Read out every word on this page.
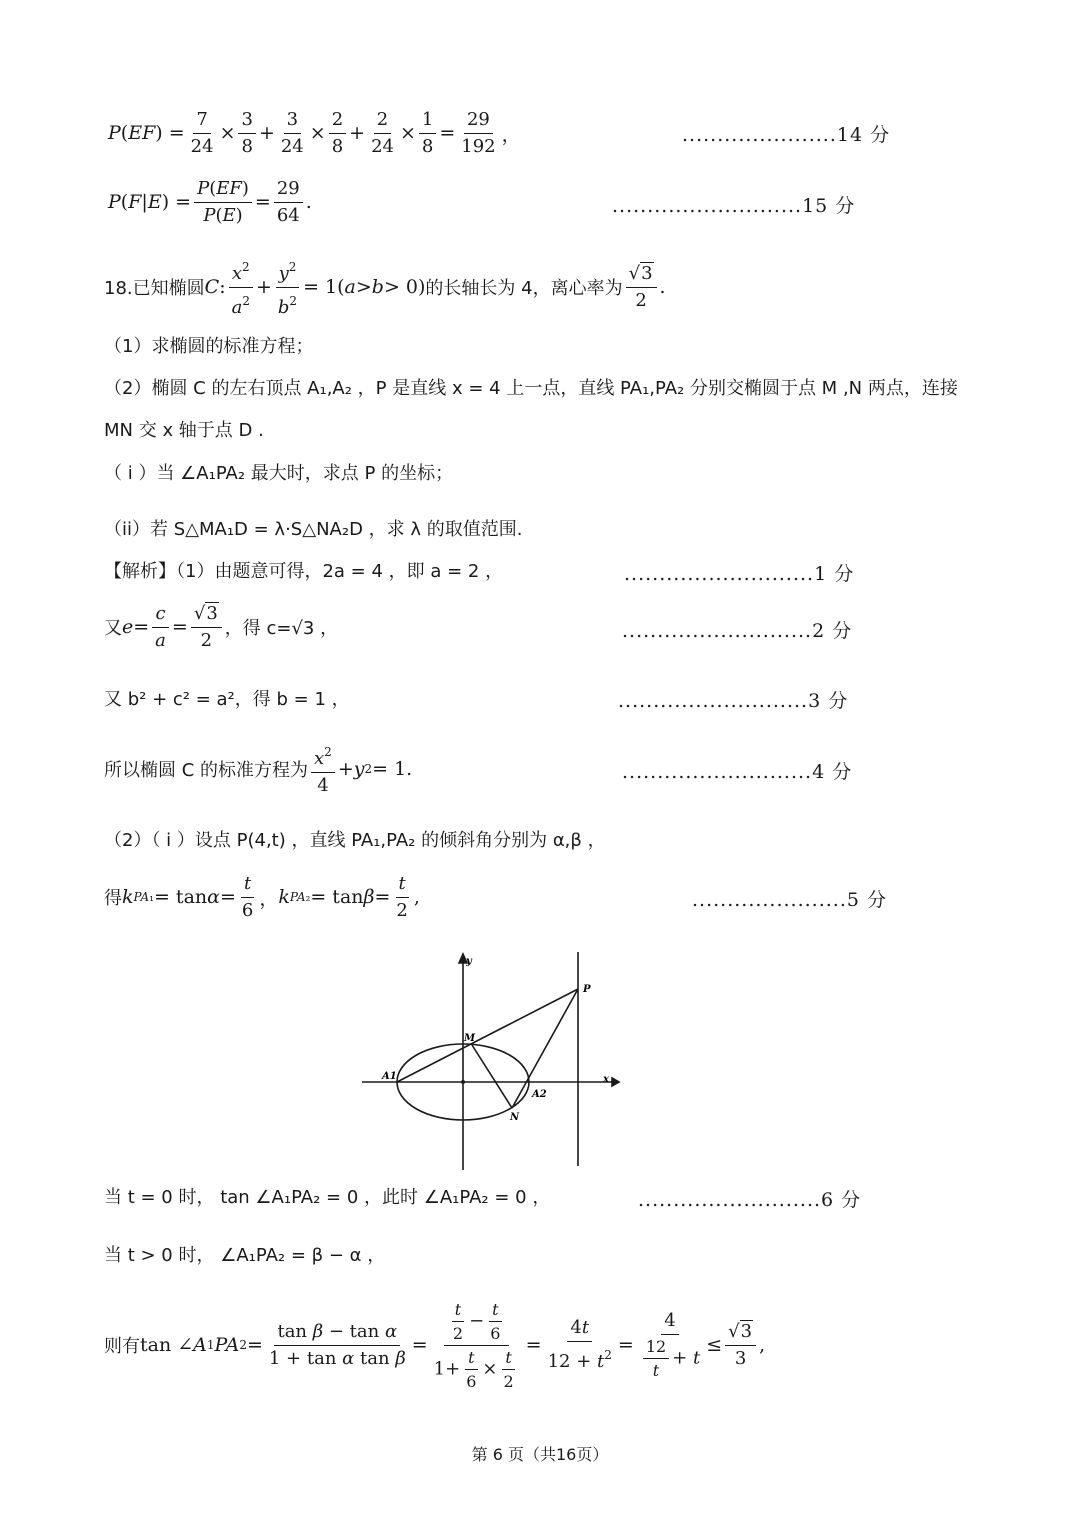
P ( EF ) = $\frac{7}{24} \times \frac{3}{8} + \frac{3}{24} \times \frac{2}{8} + \frac{2}{24} \times \frac{1}{8} = \frac{29}{192}$ ，	......................14 分
P ( F | E ) = $\frac{P(EF)}{P(E)} = \frac{29}{64}$ .	...........................15 分
18.已知椭圆 C : $\frac{x^2}{a^2} + \frac{y^2}{b^2} = 1$( a > b > 0) 的长轴长为 4，离心率为 $\frac{√3}{2}$ .
（1）求椭圆的标准方程；
（2）椭圆 C 的左右顶点 A₁,A₂ ，P 是直线 x = 4 上一点，直线 PA₁,PA₂ 分别交椭圆于点 M ,N 两点，连接
MN 交 x 轴于点 D .
（ i ）当 ∠A₁PA₂ 最大时，求点 P 的坐标；
（ii）若 S△MA₁D = λ·S△NA₂D ，求 λ 的取值范围.
【解析】（1）由题意可得，2a = 4 ，即 a = 2 ，	...........................1 分
又 $e = \frac{c}{a} = \frac{√3}{2}$ ，得 c=√3 ，	...........................2 分
又 b² + c² = a²，得 b = 1 ，	...........................3 分
所以椭圆 C 的标准方程为 $\frac{x^2}{4} + y$ 2 = 1.	...........................4 分
（2）（ i ）设点 P(4,t) ，直线 PA₁,PA₂ 的倾斜角分别为 α,β ，
得 k $PA_1 = \tan \alpha = \frac{t}{6}$ ， k $PA_2 = \tan \beta = \frac{t}{2}$ ,	......................5 分
y
x
P
M
A1
A2
N
当 t = 0 时， tan ∠A₁PA₂ = 0 ，此时 ∠A₁PA₂ = 0 ，	..........................6 分
当 t > 0 时， ∠A₁PA₂ = β − α ，
则有 tan ∠ A 1 PA $2 = \frac{\text{tan β − tan α}}{\text{1 + tan α tan β}} = \frac{\frac{t}{2} - \frac{t}{6}}{1+ \frac{t}{6} \times \frac{t}{2}} = \frac{4t}{12 + t^2} = \frac{4}{\frac{12}{t} + t} \le \frac{√3}{3}$ ,
第 6 页（共16页）
